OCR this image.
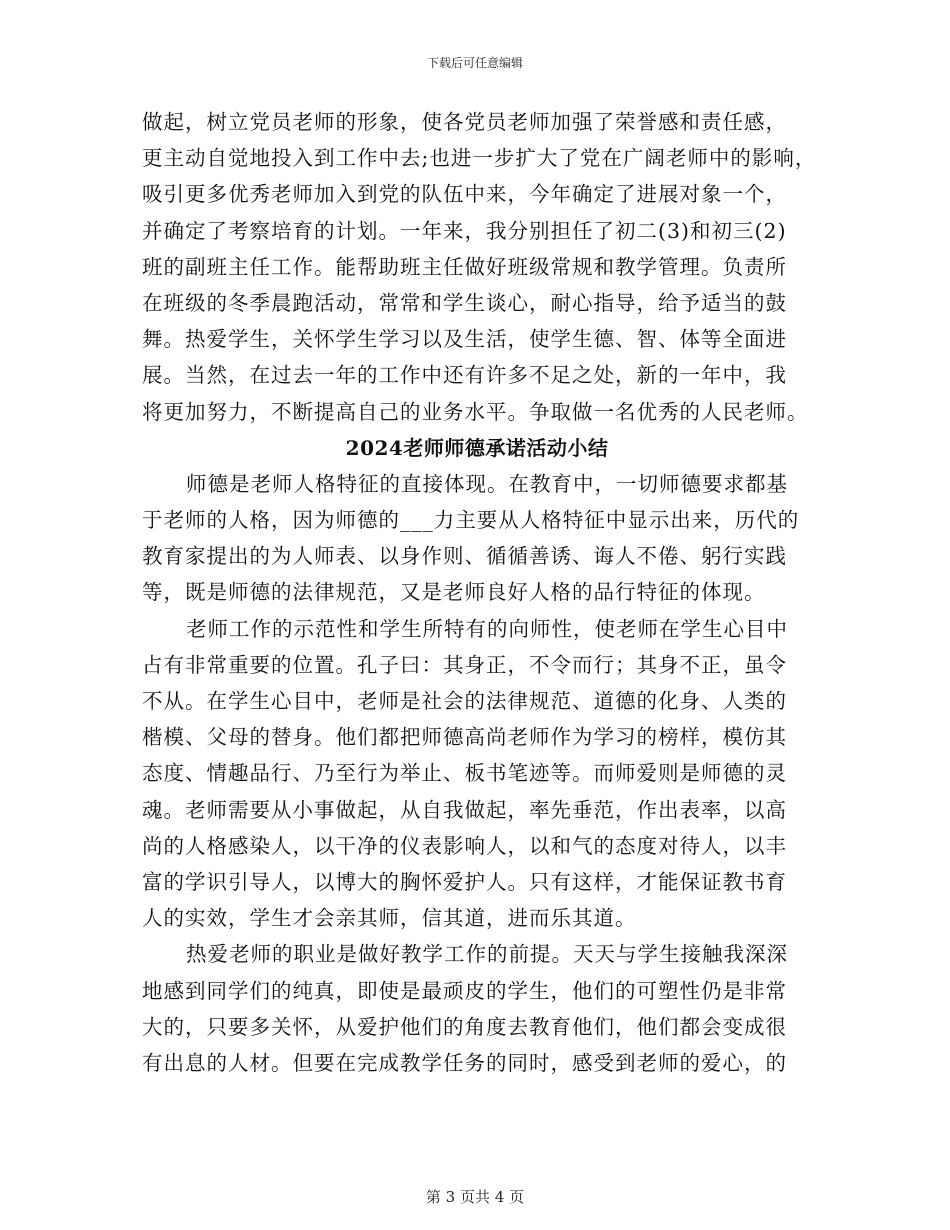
下载后可任意编辑
做起，树立党员老师的形象，使各党员老师加强了荣誉感和责任感，
更主动自觉地投入到工作中去;也进一步扩大了党在广阔老师中的影响，
吸引更多优秀老师加入到党的队伍中来，今年确定了进展对象一个，
并确定了考察培育的计划。一年来，我分别担任了初二(3)和初三(2)
班的副班主任工作。能帮助班主任做好班级常规和教学管理。负责所
在班级的冬季晨跑活动，常常和学生谈心，耐心指导，给予适当的鼓
舞。热爱学生，关怀学生学习以及生活，使学生德、智、体等全面进
展。当然，在过去一年的工作中还有许多不足之处，新的一年中，我
将更加努力，不断提高自己的业务水平。争取做一名优秀的人民老师。
2024老师师德承诺活动小结
师德是老师人格特征的直接体现。在教育中，一切师德要求都基
于老师的人格，因为师德的___力主要从人格特征中显示出来，历代的
教育家提出的为人师表、以身作则、循循善诱、诲人不倦、躬行实践
等，既是师德的法律规范，又是老师良好人格的品行特征的体现。
老师工作的示范性和学生所特有的向师性，使老师在学生心目中
占有非常重要的位置。孔子曰：其身正，不令而行；其身不正，虽令
不从。在学生心目中，老师是社会的法律规范、道德的化身、人类的
楷模、父母的替身。他们都把师德高尚老师作为学习的榜样，模仿其
态度、情趣品行、乃至行为举止、板书笔迹等。而师爱则是师德的灵
魂。老师需要从小事做起，从自我做起，率先垂范，作出表率，以高
尚的人格感染人，以干净的仪表影响人，以和气的态度对待人，以丰
富的学识引导人，以博大的胸怀爱护人。只有这样，才能保证教书育
人的实效，学生才会亲其师，信其道，进而乐其道。
热爱老师的职业是做好教学工作的前提。天天与学生接触我深深
地感到同学们的纯真，即使是最顽皮的学生，他们的可塑性仍是非常
大的，只要多关怀，从爱护他们的角度去教育他们，他们都会变成很
有出息的人材。但要在完成教学任务的同时，感受到老师的爱心，的
第 3 页共 4 页
